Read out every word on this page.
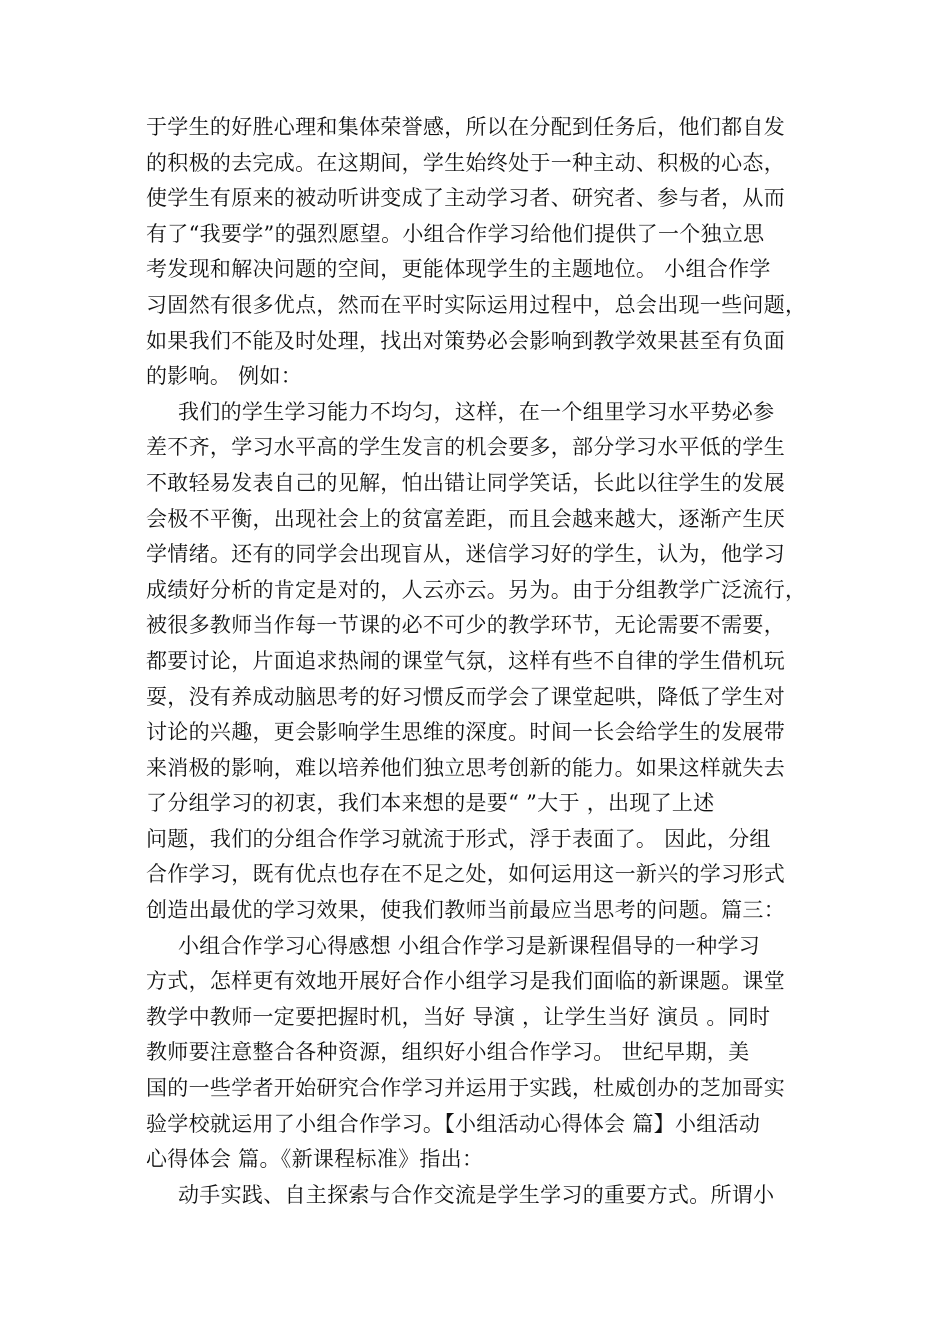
于学生的好胜心理和集体荣誉感，所以在分配到任务后，他们都自发
的积极的去完成。在这期间，学生始终处于一种主动、积极的心态，
使学生有原来的被动听讲变成了主动学习者、研究者、参与者，从而
有了“我要学”的强烈愿望。小组合作学习给他们提供了一个独立思
考发现和解决问题的空间，更能体现学生的主题地位。 小组合作学
习固然有很多优点，然而在平时实际运用过程中，总会出现一些问题，
如果我们不能及时处理，找出对策势必会影响到教学效果甚至有负面
的影响。 例如：
我们的学生学习能力不均匀，这样，在一个组里学习水平势必参
差不齐，学习水平高的学生发言的机会要多，部分学习水平低的学生
不敢轻易发表自己的见解，怕出错让同学笑话，长此以往学生的发展
会极不平衡，出现社会上的贫富差距，而且会越来越大，逐渐产生厌
学情绪。还有的同学会出现盲从，迷信学习好的学生，认为，他学习
成绩好分析的肯定是对的，人云亦云。另为。由于分组教学广泛流行，
被很多教师当作每一节课的必不可少的教学环节，无论需要不需要，
都要讨论，片面追求热闹的课堂气氛，这样有些不自律的学生借机玩
耍，没有养成动脑思考的好习惯反而学会了课堂起哄，降低了学生对
讨论的兴趣，更会影响学生思维的深度。时间一长会给学生的发展带
来消极的影响，难以培养他们独立思考创新的能力。如果这样就失去
了分组学习的初衷，我们本来想的是要“ ”大于 ，出现了上述
问题，我们的分组合作学习就流于形式，浮于表面了。 因此，分组
合作学习，既有优点也存在不足之处，如何运用这一新兴的学习形式
创造出最优的学习效果，使我们教师当前最应当思考的问题。篇三：
小组合作学习心得感想 小组合作学习是新课程倡导的一种学习
方式，怎样更有效地开展好合作小组学习是我们面临的新课题。课堂
教学中教师一定要把握时机，当好 导演 ，让学生当好 演员 。同时
教师要注意整合各种资源，组织好小组合作学习。 世纪早期，美
国的一些学者开始研究合作学习并运用于实践，杜威创办的芝加哥实
验学校就运用了小组合作学习。【小组活动心得体会 篇】小组活动
心得体会 篇。《新课程标准》指出：
动手实践、自主探索与合作交流是学生学习的重要方式。所谓小
